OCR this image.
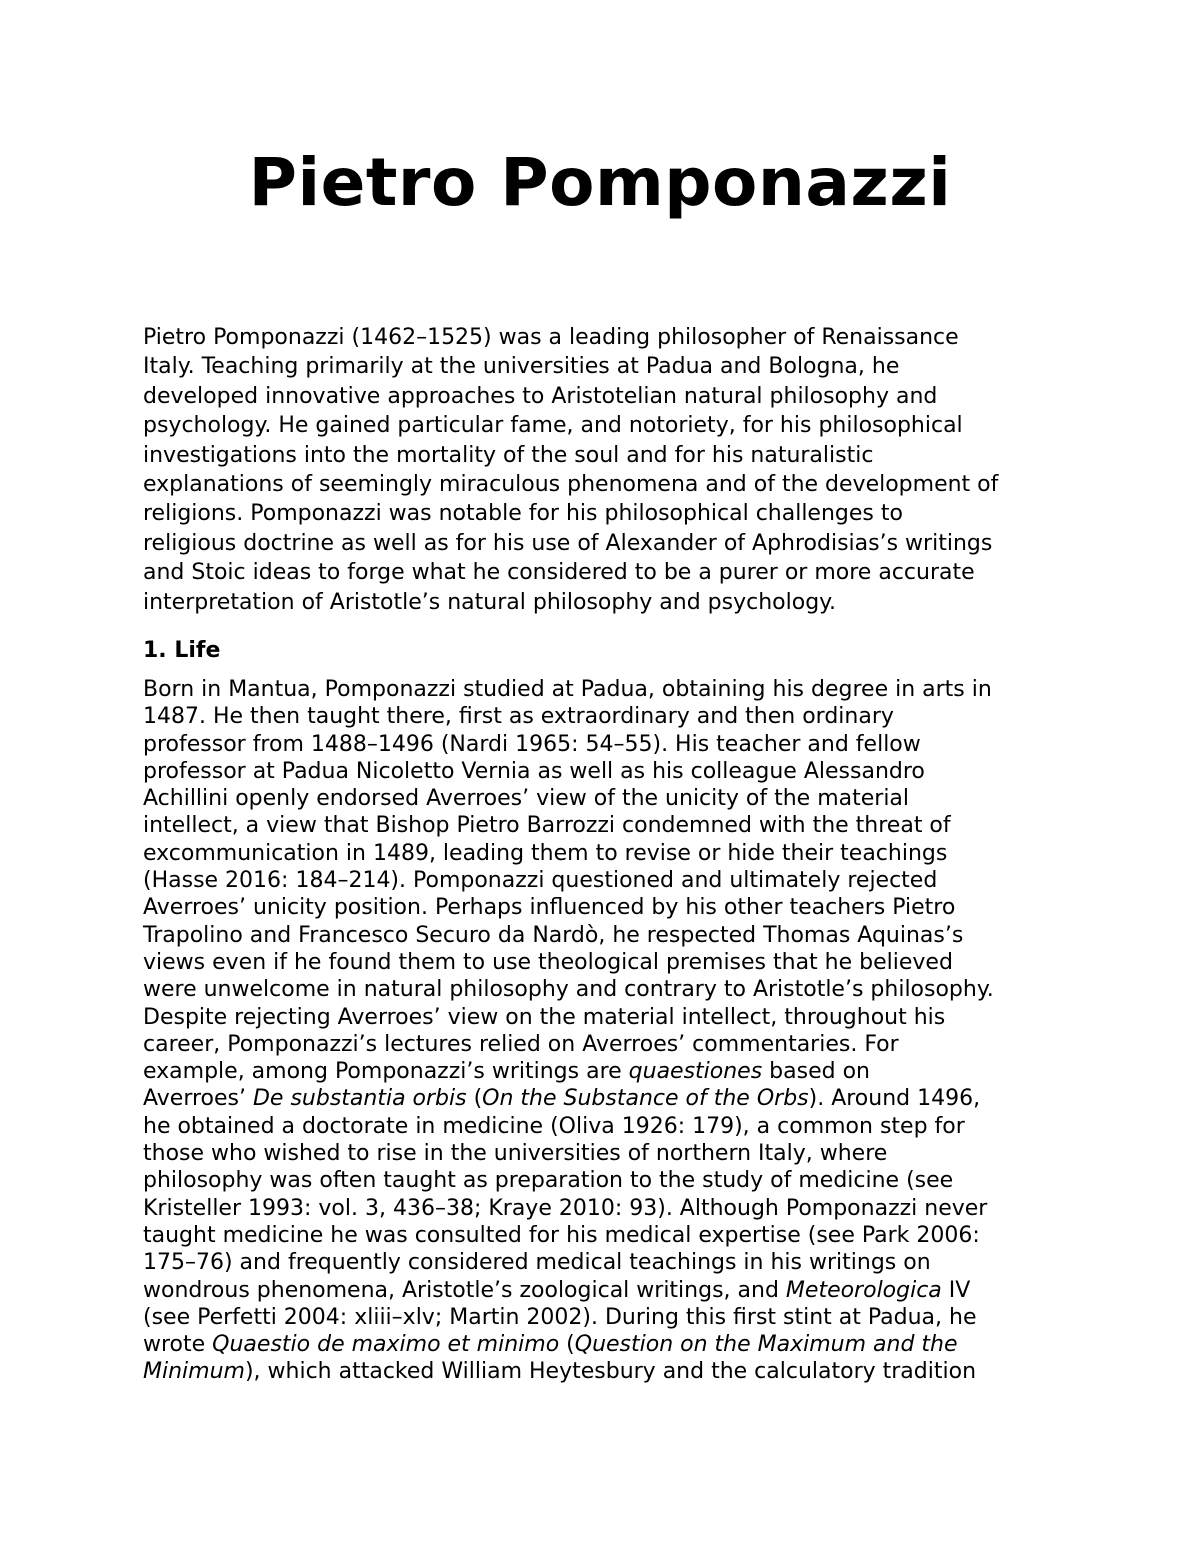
Pietro Pomponazzi

Pietro Pomponazzi (1462–1525) was a leading philosopher of Renaissance
Italy. Teaching primarily at the universities at Padua and Bologna, he
developed innovative approaches to Aristotelian natural philosophy and
psychology. He gained particular fame, and notoriety, for his philosophical
investigations into the mortality of the soul and for his naturalistic
explanations of seemingly miraculous phenomena and of the development of
religions. Pomponazzi was notable for his philosophical challenges to
religious doctrine as well as for his use of Alexander of Aphrodisias’s writings
and Stoic ideas to forge what he considered to be a purer or more accurate
interpretation of Aristotle’s natural philosophy and psychology.

1. Life

Born in Mantua, Pomponazzi studied at Padua, obtaining his degree in arts in
1487. He then taught there, first as extraordinary and then ordinary
professor from 1488–1496 (Nardi 1965: 54–55). His teacher and fellow
professor at Padua Nicoletto Vernia as well as his colleague Alessandro
Achillini openly endorsed Averroes’ view of the unicity of the material
intellect, a view that Bishop Pietro Barrozzi condemned with the threat of
excommunication in 1489, leading them to revise or hide their teachings
(Hasse 2016: 184–214). Pomponazzi questioned and ultimately rejected
Averroes’ unicity position. Perhaps influenced by his other teachers Pietro
Trapolino and Francesco Securo da Nardò, he respected Thomas Aquinas’s
views even if he found them to use theological premises that he believed
were unwelcome in natural philosophy and contrary to Aristotle’s philosophy.
Despite rejecting Averroes’ view on the material intellect, throughout his
career, Pomponazzi’s lectures relied on Averroes’ commentaries. For
example, among Pomponazzi’s writings are quaestiones based on
Averroes’ De substantia orbis (On the Substance of the Orbs). Around 1496,
he obtained a doctorate in medicine (Oliva 1926: 179), a common step for
those who wished to rise in the universities of northern Italy, where
philosophy was often taught as preparation to the study of medicine (see
Kristeller 1993: vol. 3, 436–38; Kraye 2010: 93). Although Pomponazzi never
taught medicine he was consulted for his medical expertise (see Park 2006:
175–76) and frequently considered medical teachings in his writings on
wondrous phenomena, Aristotle’s zoological writings, and Meteorologica IV
(see Perfetti 2004: xliii–xlv; Martin 2002). During this first stint at Padua, he
wrote Quaestio de maximo et minimo (Question on the Maximum and the
Minimum), which attacked William Heytesbury and the calculatory tradition
